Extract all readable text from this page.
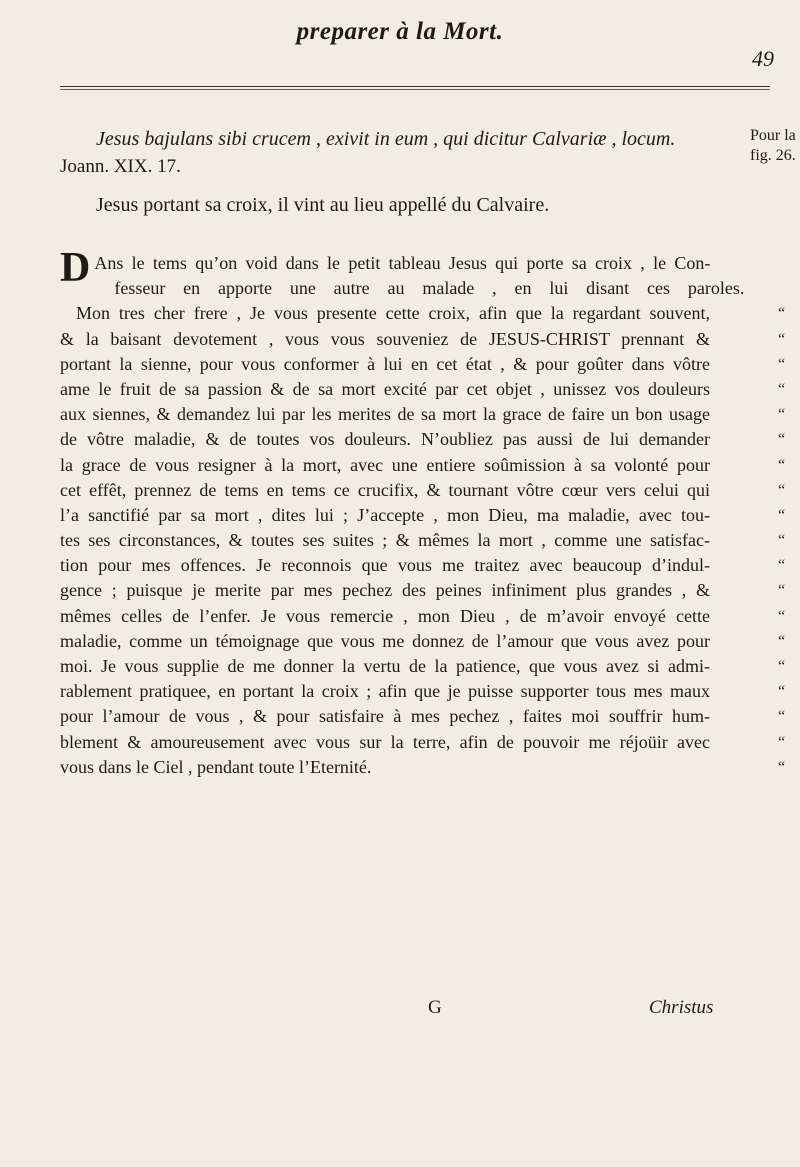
preparer à la Mort.
49
Jesus bajulans sibi crucem , exivit in eum , qui dicitur Calvariæ , locum.
Joann. XIX. 17.
Pour la
fig. 26.
Jesus portant sa croix, il vint au lieu appellé du Calvaire.
D Ans le tems qu’on void dans le petit tableau Jesus qui porte sa croix , le Con-
fesseur en apporte une autre au malade , en lui disant ces paroles.
Mon tres cher frere , Je vous presente cette croix, afin que la regardant souvent,	“
& la baisant devotement , vous vous souveniez de JESUS-CHRIST prennant &	“
portant la sienne, pour vous conformer à lui en cet état , & pour goûter dans vôtre	“
ame le fruit de sa passion & de sa mort excité par cet objet , unissez vos douleurs	“
aux siennes, & demandez lui par les merites de sa mort la grace de faire un bon usage	“
de vôtre maladie, & de toutes vos douleurs. N’oubliez pas aussi de lui demander	“
la grace de vous resigner à la mort, avec une entiere soûmission à sa volonté pour	“
cet effêt, prennez de tems en tems ce crucifix, & tournant vôtre cœur vers celui qui	“
l’a sanctifié par sa mort , dites lui ; J’accepte , mon Dieu, ma maladie, avec tou-	“
tes ses circonstances, & toutes ses suites ; & mêmes la mort , comme une satisfac-	“
tion pour mes offences. Je reconnois que vous me traitez avec beaucoup d’indul-	“
gence ; puisque je merite par mes pechez des peines infiniment plus grandes , &	“
mêmes celles de l’enfer. Je vous remercie , mon Dieu , de m’avoir envoyé cette	“
maladie, comme un témoignage que vous me donnez de l’amour que vous avez pour	“
moi. Je vous supplie de me donner la vertu de la patience, que vous avez si admi-	“
rablement pratiquee, en portant la croix ; afin que je puisse supporter tous mes maux	“
pour l’amour de vous , & pour satisfaire à mes pechez , faites moi souffrir hum-	“
blement & amoureusement avec vous sur la terre, afin de pouvoir me réjoüir avec	“
vous dans le Ciel , pendant toute l’Eternité.	“
G	Christus
